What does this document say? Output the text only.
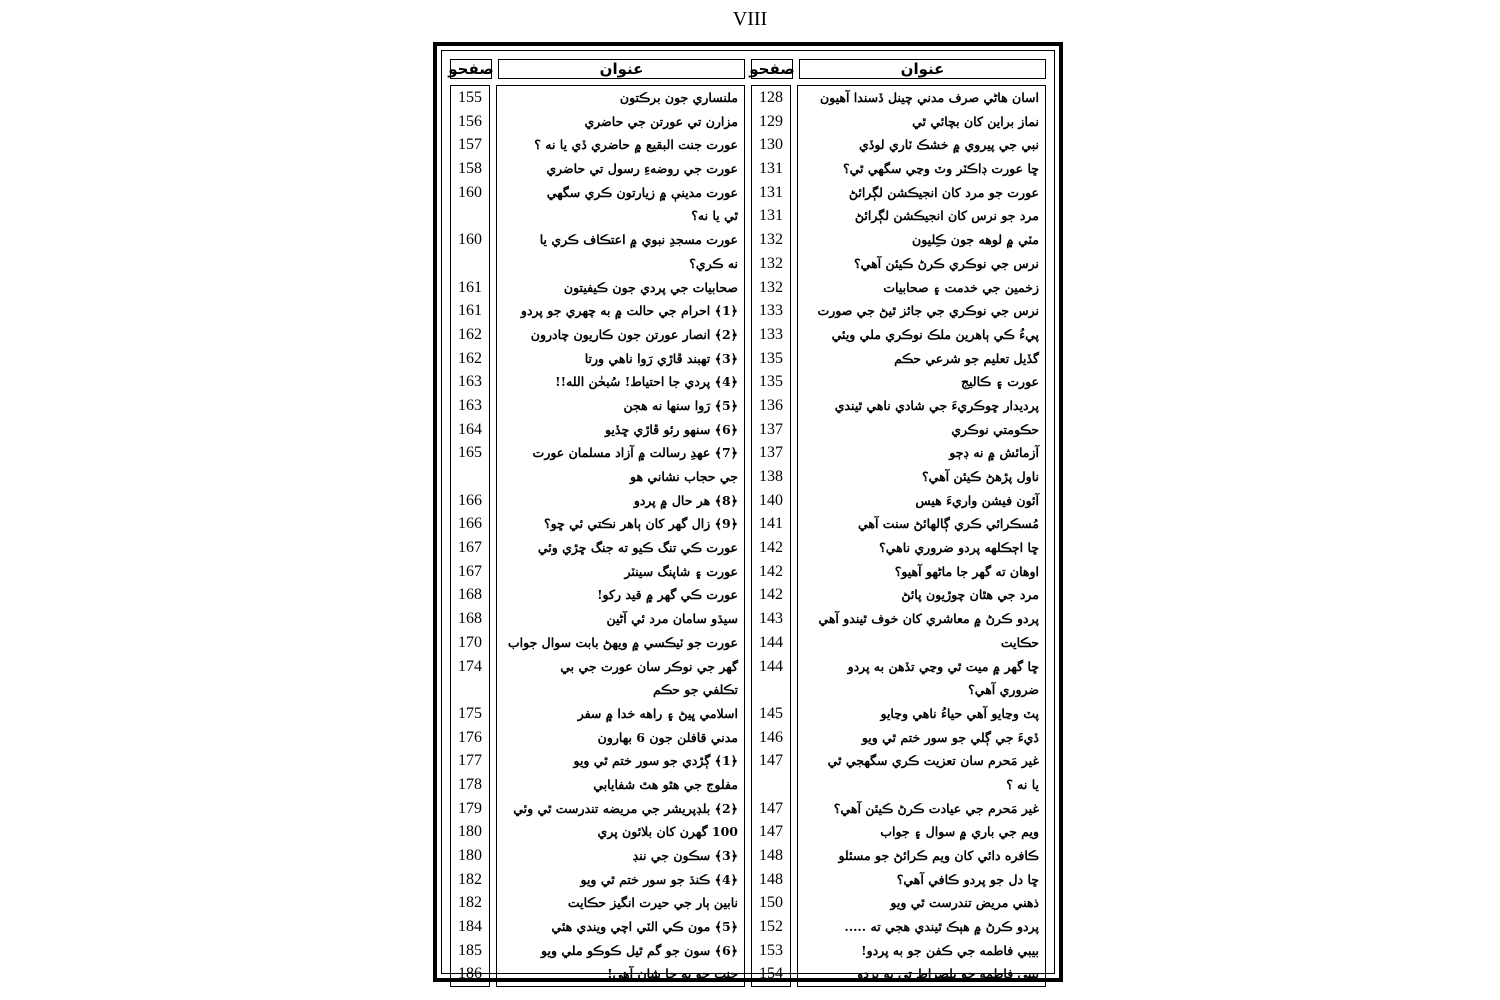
VIII
صفحو	عنوان
155
156
157
158
160
160
161
161
162
162
163
163
164
165
166
166
167
167
168
168
170
174
175
176
177
178
179
180
180
182
182
184
185
186
ملنساري جون برڪتون
مزارن تي عورتن جي حاضري
عورت جنت البقيع ۾ حاضري ڏي يا نه ؟
عورت جي روضهءِ رسول تي حاضري
عورت مدينې ۾ زيارتون ڪري سگهي
ٿي يا نه؟
عورت مسجدِ نبوي ۾ اعتڪاف ڪري يا
نه ڪري؟
صحابيات جي پردي جون ڪيفيتون
﴿1﴾ احرام جي حالت ۾ به چهري جو پردو
﴿2﴾ انصار عورتن جون ڪاريون چادرون
﴿3﴾ تهبند ڦاڙي رَوا ناهي ورتا
﴿4﴾ پردي جا احتياط! سُبحٰن الله!!
﴿5﴾ رَوا سنها نه هجن
﴿6﴾ سنهو رئو ڦاڙي ڇڏيو
﴿7﴾ عهدِ رسالت ۾ آزاد مسلمان عورت
جي حجاب نشاني هو
﴿8﴾ هر حال ۾ پردو
﴿9﴾ زال گهر کان ٻاهر نڪتي ئي ڇو؟
عورت ڪي تنگ ڪيو ته جنگ ڇڙي وئي
عورت ۽ شاپنگ سينٽر
عورت ڪي گهر ۾ قيد رکو!
سيڌو سامان مرد ئي آڻين
عورت جو ٽيڪسي ۾ ويهڻ بابت سوال جواب
گهر جي نوڪر سان عورت جي بي
تڪلفي جو حڪم
اسلامي ڀيڻ ۽ راهه خدا ۾ سفر
مدني قافلن جون 6 بهارون
﴿1﴾ ڳڙدي جو سور ختم ٿي ويو
مفلوج جي هٿو هٿ شفايابي
﴿2﴾ بلڊپريشر جي مريضه تندرست ٿي وئي
100 گهرن کان بلائون پري
﴿3﴾ سڪون جي ننڊ
﴿4﴾ ڪنڌ جو سور ختم ٿي ويو
نابين ٻار جي حيرت انگيز حڪايت
﴿5﴾ مون ڪي الٽي اچي ويندي هئي
﴿6﴾ سون جو گم ٿيل ڪوڪو ملي ويو
جنت جو به ڇا شان آهي!
صفحو	عنوان
128
129
130
131
131
131
132
132
132
133
133
135
135
136
137
137
138
140
141
142
142
142
143
144
144
145
146
147
147
147
148
148
150
152
153
154
اسان هاڻي صرف مدني چينل ڏسندا آهيون
نماز براين کان بچائي ٿي
نبي جي پيروي ۾ خشڪ ٽاري لوڏي
ڇا عورت ڊاڪٽر وٽ وڃي سگهي ٿي؟
عورت جو مرد کان انجيڪشن لڳرائڻ
مرد جو نرس کان انجيڪشن لڳرائڻ
مٽي ۾ لوهه جون ڪِليون
نرس جي نوڪري ڪرڻ ڪيئن آهي؟
زخمين جي خدمت ۽ صحابيات
نرس جي نوڪري جي جائز ٿيڻ جي صورت
پيءُ ڪي ٻاهرين ملڪ نوڪري ملي ويئي
گڏيل تعليم جو شرعي حڪم
عورت ۽ ڪاليج
پرديدار ڇوڪريءَ جي شادي ناهي ٿيندي
حڪومتي نوڪري
آزمائش ۾ نه ڊڄو
ناول پڙهڻ ڪيئن آهي؟
آئون فيشن واريءَ هيس
مُسڪرائي ڪري ڳالهائڻ سنت آهي
ڇا اڄڪلهه پردو ضروري ناهي؟
اوهان ته گهر جا ماڻهو آهيو؟
مرد جي هٿان چوڙيون پائڻ
پردو ڪرڻ ۾ معاشري کان خوف ٿيندو آهي
حڪايت
ڇا گهر ۾ ميت ٿي وڃي تڏهن به پردو
ضروري آهي؟
پٽ وڃايو آهي حياءُ ناهي وڃايو
ڏيءَ جي ڳلي جو سور ختم ٿي ويو
غير مَحرم سان تعزيت ڪري سگهجي ٿي
يا نه ؟
غير مَحرم جي عيادت ڪرڻ ڪيئن آهي؟
ويم جي باري ۾ سوال ۽ جواب
ڪافره دائي کان ويم ڪرائڻ جو مسئلو
ڇا دل جو پردو ڪافي آهي؟
ذهني مريض تندرست ٿي ويو
پردو ڪرڻ ۾ هٻڪ ٿيندي هجي ته .....
بيبي فاطمه جي ڪفن جو به پردو!
بيبي فاطمه جو پلصراط تي به پردو
